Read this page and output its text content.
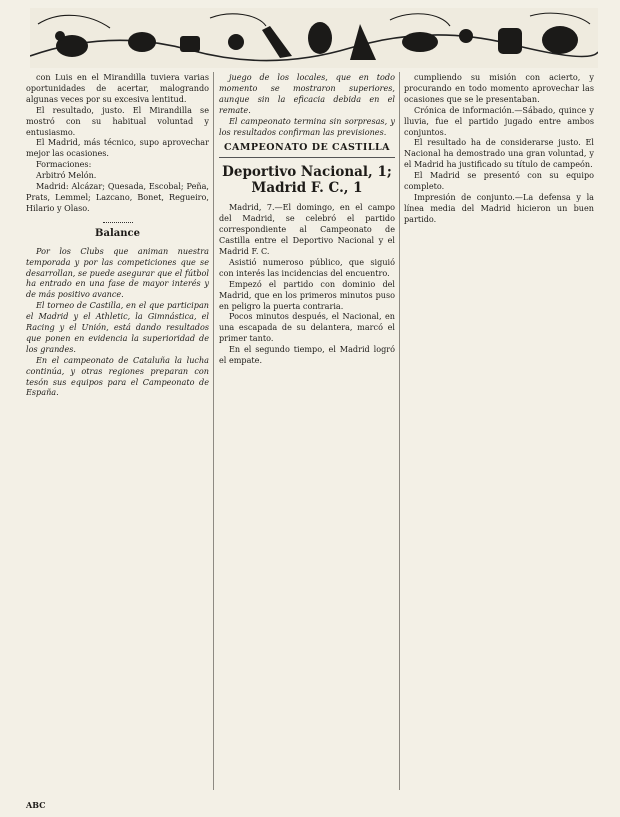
con Luis en el Mirandilla tuviera varias oportunidades de acertar, malogrando algunas veces por su excesiva lentitud.

El resultado, justo. El Mirandilla se mostró con su habitual voluntad y entusiasmo.

El Madrid, más técnico, supo aprovechar mejor las ocasiones.

Formaciones:

Arbitró Melón.

Madrid: Alcázar; Quesada, Escobal; Peña, Prats, Lemmel; Lazcano, Bonet, Regueiro, Hilario y Olaso.

Balance

Por los Clubs que animan nuestra temporada y por las competiciones que se desarrollan, se puede asegurar que el fútbol ha entrado en una fase de mayor interés y de más positivo avance.

El torneo de Castilla, en el que participan el Madrid y el Athletic, la Gimnástica, el Racing y el Unión, está dando resultados que ponen en evidencia la superioridad de los grandes.

En el campeonato de Cataluña la lucha continúa, y otras regiones preparan con tesón sus equipos para el Campeonato de España.

juego de los locales, que en todo momento se mostraron superiores, aunque sin la eficacia debida en el remate.

El campeonato termina sin sorpresas, y los resultados confirman las previsiones.

CAMPEONATO DE CASTILLA
Deportivo Nacional, 1; Madrid F. C., 1

Madrid, 7.—El domingo, en el campo del Madrid, se celebró el partido correspondiente al Campeonato de Castilla entre el Deportivo Nacional y el Madrid F. C.

Asistió numeroso público, que siguió con interés las incidencias del encuentro.

Empezó el partido con dominio del Madrid, que en los primeros minutos puso en peligro la puerta contraria.

Pocos minutos después, el Nacional, en una escapada de su delantera, marcó el primer tanto.

En el segundo tiempo, el Madrid logró el empate.

cumpliendo su misión con acierto, y procurando en todo momento aprovechar las ocasiones que se le presentaban.

Crónica de información.—Sábado, quince y lluvia, fue el partido jugado entre ambos conjuntos.

El resultado ha de considerarse justo. El Nacional ha demostrado una gran voluntad, y el Madrid ha justificado su título de campeón.

El Madrid se presentó con su equipo completo.

Impresión de conjunto.—La defensa y la línea media del Madrid hicieron un buen partido.

ABC
